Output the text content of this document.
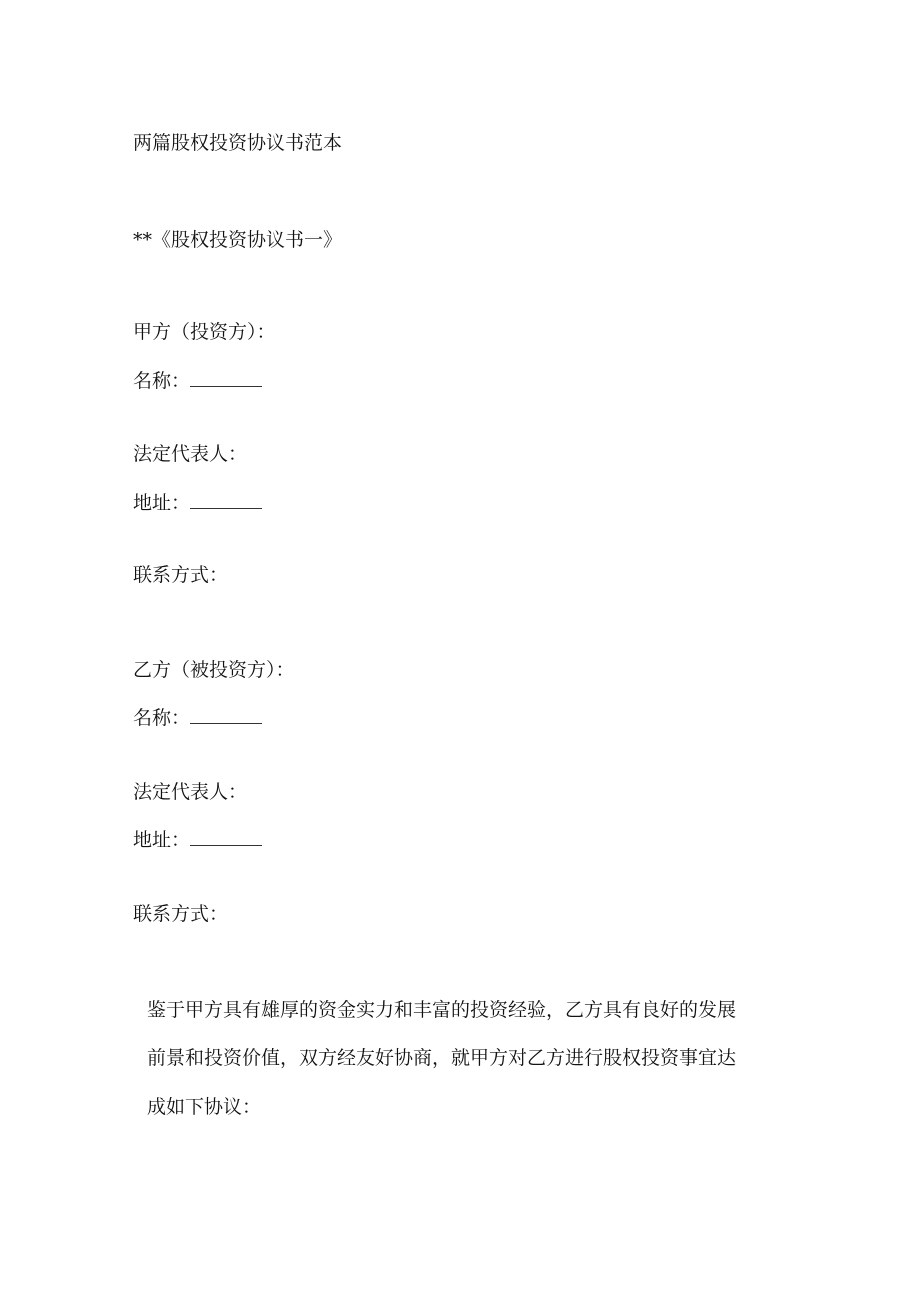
两篇股权投资协议书范本
**《股权投资协议书一》
甲方（投资方）：
名称：
法定代表人：
地址：
联系方式：
乙方（被投资方）：
名称：
法定代表人：
地址：
联系方式：
鉴于甲方具有雄厚的资金实力和丰富的投资经验，乙方具有良好的发展
前景和投资价值，双方经友好协商，就甲方对乙方进行股权投资事宜达
成如下协议：
